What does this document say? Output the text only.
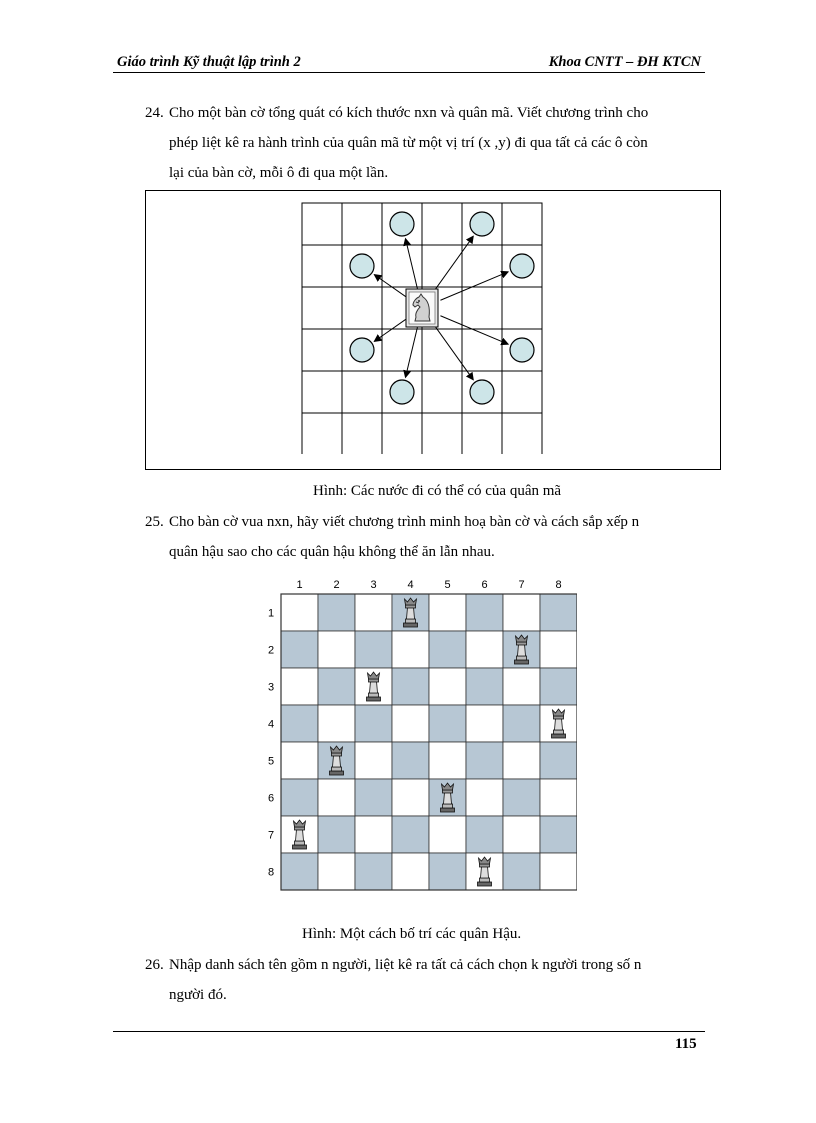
Giáo trình Kỹ thuật lập trình 2	Khoa CNTT – ĐH KTCN
24. Cho một bàn cờ tổng quát có kích thước nxn và quân mã. Viết chương trình cho
phép liệt kê ra hành trình của quân mã từ một vị trí (x ,y) đi qua tất cả các ô còn
lại của bàn cờ, mỗi ô đi qua một lần.
Hình: Các nước đi có thể có của quân mã
25. Cho bàn cờ vua nxn, hãy viết chương trình minh hoạ bàn cờ và cách sắp xếp n
quân hậu sao cho các quân hậu không thể ăn lẫn nhau.
1	2	3	4	5	6	7	8
1
2
3
4
5
6
7
8
Hình: Một cách bố trí các quân Hậu.
26. Nhập danh sách tên gồm n người, liệt kê ra tất cả cách chọn k người trong số n
người đó.
115
